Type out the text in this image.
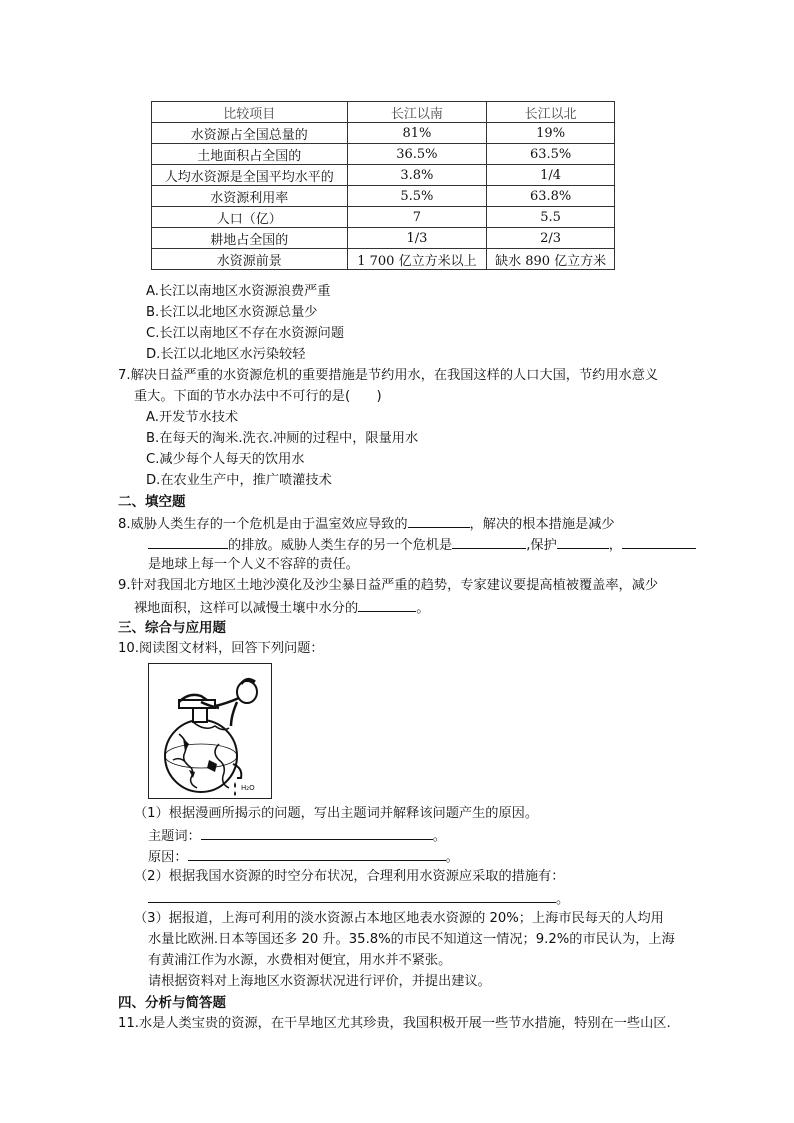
比较项目	长江以南	长江以北
水资源占全国总量的	81%	19%
土地面积占全国的	36.5%	63.5%
人均水资源是全国平均水平的	3.8%	1/4
水资源利用率	5.5%	63.8%
人口（亿）	7	5.5
耕地占全国的	1/3	2/3
水资源前景	1 700 亿立方米以上	缺水 890 亿立方米
A.长江以南地区水资源浪费严重
B.长江以北地区水资源总量少
C.长江以南地区不存在水资源问题
D.长江以北地区水污染较轻
7.解决日益严重的水资源危机的重要措施是节约用水，在我国这样的人口大国，节约用水意义
重大。下面的节水办法中不可行的是(　　)
A.开发节水技术
B.在每天的淘米.洗衣.冲厕的过程中，限量用水
C.减少每个人每天的饮用水
D.在农业生产中，推广喷灌技术
二、填空题
8.威胁人类生存的一个危机是由于温室效应导致的	，解决的根本措施是减少
的排放。威胁人类生存的另一个危机是	,保护	，
是地球上每一个人义不容辞的责任。
9.针对我国北方地区土地沙漠化及沙尘暴日益严重的趋势，专家建议要提高植被覆盖率，减少
裸地面积，这样可以减慢土壤中水分的	。
三、综合与应用题
10.阅读图文材料，回答下列问题：
H₂O
（1）根据漫画所揭示的问题，写出主题词并解释该问题产生的原因。
主题词：	。
原因：	。
（2）根据我国水资源的时空分布状况，合理利用水资源应采取的措施有：
。
（3）据报道，上海可利用的淡水资源占本地区地表水资源的 20%；上海市民每天的人均用
水量比欧洲.日本等国还多 20 升。35.8%的市民不知道这一情况；9.2%的市民认为，上海
有黄浦江作为水源，水费相对便宜，用水并不紧张。
请根据资料对上海地区水资源状况进行评价，并提出建议。
四、分析与简答题
11.水是人类宝贵的资源，在干旱地区尤其珍贵，我国积极开展一些节水措施，特别在一些山区.
